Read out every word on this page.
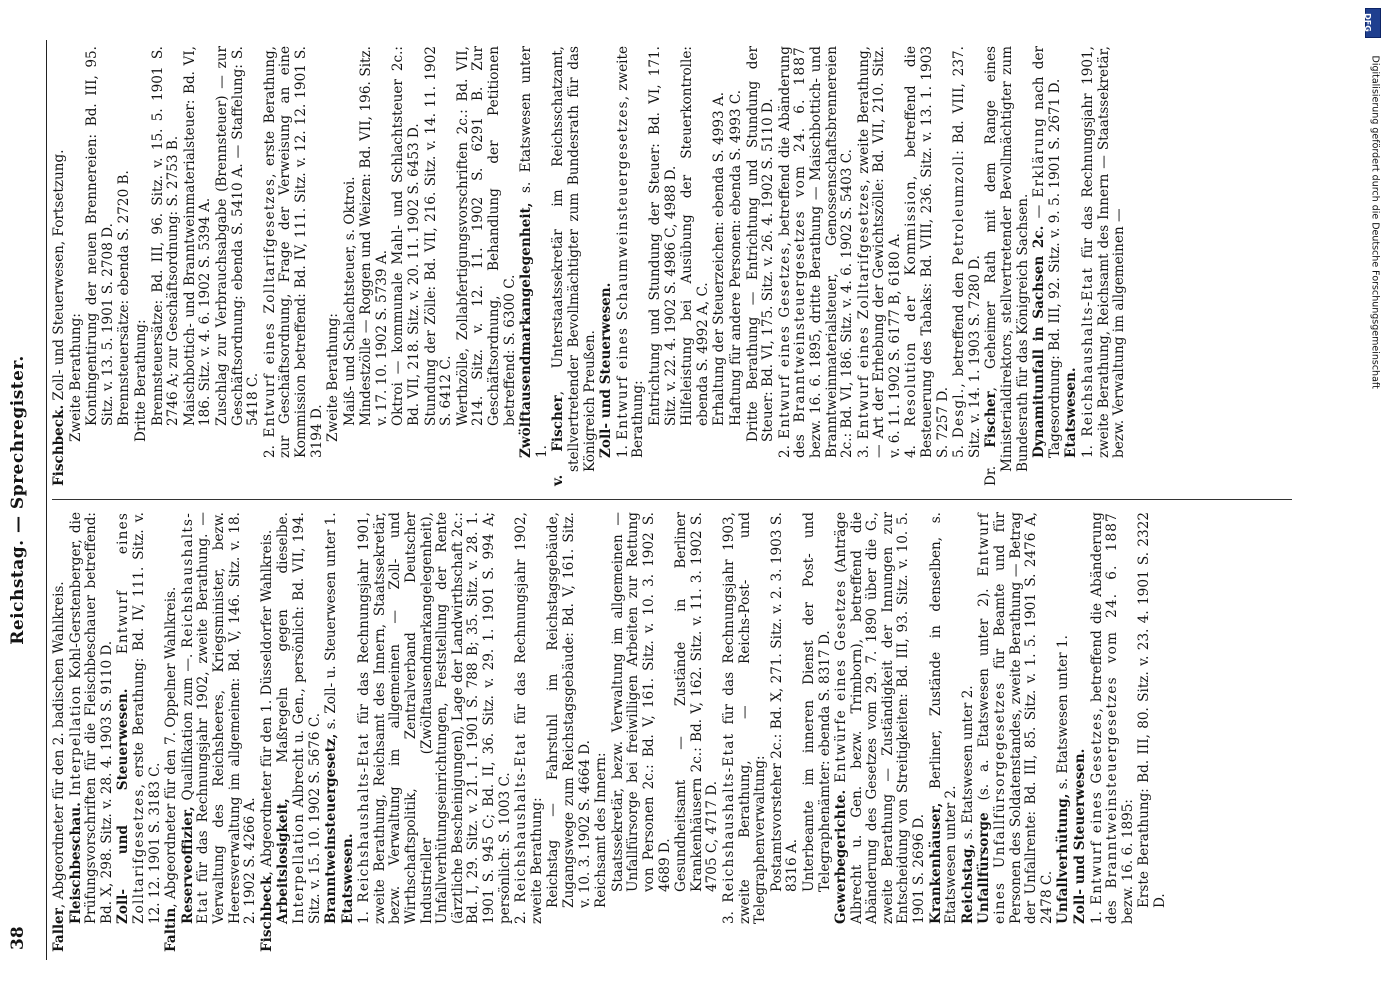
38
Reichstag. — Sprechregister.
Faller, Abgeordneter für den 2. badischen Wahlkreis. Fleischbeschau. Interpellation Kohl-Gerstenberger, die Prüfungsvorschriften für die Fleischbeschauer betreffend: Bd. X, 298. Sitz. v. 28. 4. 1903 S. 9110 D. Zoll- und Steuerwesen. Entwurf eines Zolltarifgesetzes, erste Berathung: Bd. IV, 111. Sitz. v. 12. 12. 1901 S. 3183 C.
Faltin, Abgeordneter für den 7. Oppelner Wahlkreis. Reserveoffizier, Qualifikation zum —. Reichshaushalts-Etat für das Rechnungsjahr 1902, zweite Berathung. — Verwaltung des Reichsheeres, Kriegsminister, bezw. Heeresverwaltung im allgemeinen: Bd. V, 146. Sitz. v. 18. 2. 1902 S. 4266 A. Fischbeck, Abgeordneter für den 1. Düsseldorfer Wahlkreis. Arbeitslosigkeit, Maßregeln gegen dieselbe. Interpellation Albrecht u. Gen., persönlich: Bd. VII, 194. Sitz. v. 15. 10. 1902 S. 5676 C. Branntweinsteuergesetz, s. Zoll- u. Steuerwesen unter 1.
Etatswesen. 1. Reichshaushalts-Etat für das Rechnungsjahr 1901, zweite Berathung, Reichsamt des Innern, Staatssekretär, bezw. Verwaltung im allgemeinen — Zoll- und Wirthschaftspolitik, Zentralverband Deutscher Industrieller (Zwölftausendmarkangelegenheit), Unfallverhütungseinrichtungen, Feststellung der Rente (ärztliche Bescheinigungen), Lage der Landwirthschaft 2c.: Bd. I, 29. Sitz. v. 21. 1. 1901 S. 788 B; 35. Sitz. v. 28. 1. 1901 S. 945 C; Bd. II, 36. Sitz. v. 29. 1. 1901 S. 994 A; persönlich: S. 1003 C. 2. Reichshaushalts-Etat für das Rechnungsjahr 1902, zweite Berathung: Reichstag — Fahrstuhl im Reichstagsgebäude, Zugangswege zum Reichstagsgebäude: Bd. V, 161. Sitz. v. 10. 3. 1902 S. 4664 D. Reichsamt des Innern: Staatssekretär, bezw. Verwaltung im allgemeinen — Unfallfürsorge bei freiwilligen Arbeiten zur Rettung von Personen 2c.: Bd. V, 161. Sitz. v. 10. 3. 1902 S. 4689 D. Gesundheitsamt — Zustände in Berliner Krankenhäusern 2c.: Bd. V, 162. Sitz. v. 11. 3. 1902 S. 4705 C, 4717 D.
3. Reichshaushalts-Etat für das Rechnungsjahr 1903, zweite Berathung, — Reichs-Post- und Telegraphenverwaltung: Postamtsvorsteher 2c.: Bd. X, 271. Sitz. v. 2. 3. 1903 S. 8316 A. Unterbeamte im inneren Dienst der Post- und Telegraphenämter: ebenda S. 8317 D. Gewerbegerichte. Entwürfe eines Gesetzes (Anträge Albrecht u. Gen. bezw. Trimborn), betreffend die Abänderung des Gesetzes vom 29. 7. 1890 über die G., zweite Berathung — Zuständigkeit der Innungen zur Entscheidung von Streitigkeiten: Bd. III, 93. Sitz. v. 10. 5. 1901 S. 2696 D. Krankenhäuser, Berliner, Zustände in denselben, s. Etatswesen unter 2. Reichstag, s. Etatswesen unter 2.
Unfallfürsorge (s. a. Etatswesen unter 2). Entwurf eines Unfallfürsorgegesetzes für Beamte und für Personen des Soldatenstandes, zweite Berathung — Betrag der Unfallrente: Bd. III, 85. Sitz. v. 1. 5. 1901 S. 2476 A, 2478 C. Unfallverhütung, s. Etatswesen unter 1.
Zoll- und Steuerwesen. 1. Entwurf eines Gesetzes, betreffend die Abänderung des Branntweinsteuergesetzes vom 24. 6. 1887 bezw. 16. 6. 1895: Erste Berathung: Bd. III, 80. Sitz. v. 23. 4. 1901 S. 2322 D.
Fischbeck. Zoll- und Steuerwesen, Fortsetzung. Zweite Berathung: Kontingentirung der neuen Brennereien: Bd. III, 95. Sitz. v. 13. 5. 1901 S. 2708 D. Brennsteuersätze: ebenda S. 2720 B. Dritte Berathung: Brennsteuersätze: Bd. III, 96. Sitz. v. 15. 5. 1901 S. 2746 A; zur Geschäftsordnung: S. 2753 B. Maischbottich- und Branntweinmaterialsteuer: Bd. VI, 186. Sitz. v. 4. 6. 1902 S. 5394 A. Zuschlag zur Verbrauchsabgabe (Brennsteuer) — zur Geschäftsordnung: ebenda S. 5410 A. — Staffelung: S. 5418 C.
2. Entwurf eines Zolltarifgesetzes, erste Berathung, zur Geschäftsordnung, Frage der Verweisung an eine Kommission betreffend: Bd. IV, 111. Sitz. v. 12. 12. 1901 S. 3194 D. Zweite Berathung: Maiß- und Schlachtsteuer, s. Oktroi. Mindestzölle — Roggen und Weizen: Bd. VII, 196. Sitz. v. 17. 10. 1902 S. 5739 A. Oktroi — kommunale Mahl- und Schlachtsteuer 2c.: Bd. VII, 218. Sitz. v. 20. 11. 1902 S. 6453 D. Stundung der Zölle: Bd. VII, 216. Sitz. v. 14. 11. 1902 S. 6412 C. Werthzölle, Zollabfertigungsvorschriften 2c.: Bd. VII, 214. Sitz. v. 12. 11. 1902 S. 6291 B. Zur Geschäftsordnung, Behandlung der Petitionen betreffend: S. 6300 C. Zwölftausendmarkangelegenheit, s. Etatswesen unter 1. v. Fischer, Unterstaatssekretär im Reichsschatzamt, stellvertretender Bevollmächtigter zum Bundesrath für das Königreich Preußen. Zoll- und Steuerwesen. 1. Entwurf eines Schaumweinsteuergesetzes, zweite Berathung: Entrichtung und Stundung der Steuer: Bd. VI, 171. Sitz. v. 22. 4. 1902 S. 4986 C, 4988 D. Hilfeleistung bei Ausübung der Steuerkontrolle: ebenda S. 4992 A, C. Erhaltung der Steuerzeichen: ebenda S. 4993 A. Haftung für andere Personen: ebenda S. 4993 C. Dritte Berathung — Entrichtung und Stundung der Steuer: Bd. VI, 175. Sitz. v. 26. 4. 1902 S. 5110 D.
2. Entwurf eines Gesetzes, betreffend die Abänderung des Branntweinsteuergesetzes vom 24. 6. 1887 bezw. 16. 6. 1895, dritte Berathung — Maischbottich- und Branntweinmaterialsteuer, Genossenschaftsbrennereien 2c.: Bd. VI, 186. Sitz. v. 4. 6. 1902 S. 5403 C. 3. Entwurf eines Zolltarifgesetzes, zweite Berathung, — Art der Erhebung der Gewichtszölle: Bd. VII, 210. Sitz. v. 6. 11. 1902 S. 6177 B, 6180 A. 4. Resolution der Kommission, betreffend die Besteuerung des Tabaks: Bd. VIII, 236. Sitz. v. 13. 1. 1903 S. 7257 D. 5. Desgl., betreffend den Petroleumzoll: Bd. VIII, 237. Sitz. v. 14. 1. 1903 S. 7280 D.
Dr. Fischer, Geheimer Rath mit dem Range eines Ministerialdirektors, stellvertretender Bevollmächtigter zum Bundesrath für das Königreich Sachsen. Dynamitunfall in Sachsen 2c. — Erklärung nach der Tagesordnung: Bd. III, 92. Sitz. v. 9. 5. 1901 S. 2671 D. Etatswesen. 1. Reichshaushalts-Etat für das Rechnungsjahr 1901, zweite Berathung, Reichsamt des Innern — Staatssekretär, bezw. Verwaltung im allgemeinen —
DFG
Digitalisierung gefördert durch die Deutsche Forschungsgemeinschaft
